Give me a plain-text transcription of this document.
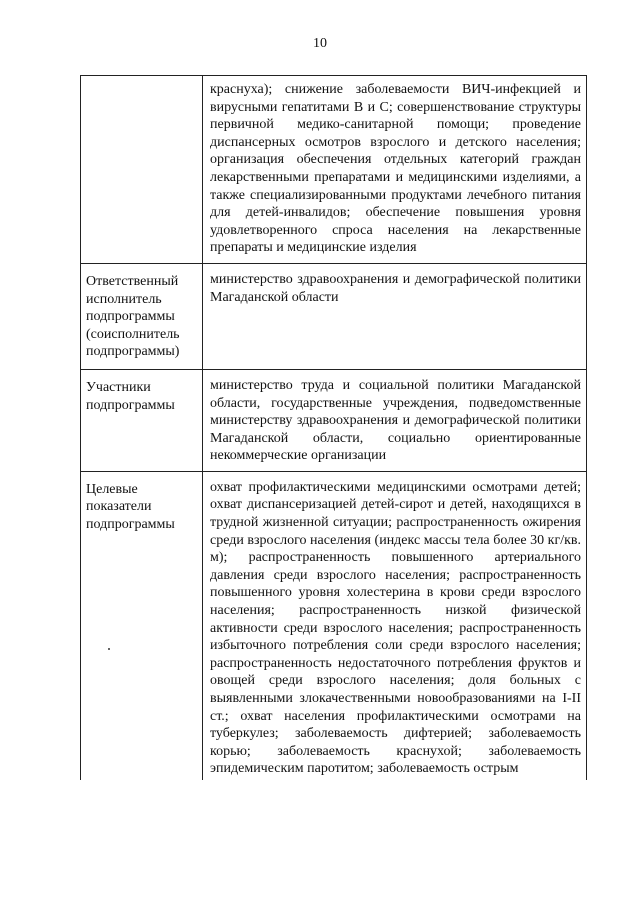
10
	краснуха); снижение заболеваемости ВИЧ-инфекцией и вирусными гепатитами B и C; совершенствование структуры первичной медико-санитарной помощи; проведение диспансерных осмотров взрослого и детского населения; организация обеспечения отдельных категорий граждан лекарственными препаратами и медицинскими изделиями, а также специализированными продуктами лечебного питания для детей-инвалидов; обеспечение повышения уровня удовлетворенного спроса населения на лекарственные препараты и медицинские изделия
Ответственный исполнитель подпрограммы (соисполнитель подпрограммы)	министерство здравоохранения и демографической политики Магаданской области
Участники подпрограммы	министерство труда и социальной политики Магаданской области, государственные учреждения, подведомственные министерству здравоохранения и демографической политики Магаданской области, социально ориентированные некоммерческие организации
Целевые показатели подпрограммы	охват профилактическими медицинскими осмотрами детей; охват диспансеризацией детей-сирот и детей, находящихся в трудной жизненной ситуации; распространенность ожирения среди взрослого населения (индекс массы тела более 30 кг/кв. м); распространенность повышенного артериального давления среди взрослого населения; распространенность повышенного уровня холестерина в крови среди взрослого населения; распространенность низкой физической активности среди взрослого населения; распространенность избыточного потребления соли среди взрослого населения; распространенность недостаточного потребления фруктов и овощей среди взрослого населения; доля больных с выявленными злокачественными новообразованиями на I-II ст.; охват населения профилактическими осмотрами на туберкулез; заболеваемость дифтерией; заболеваемость корью; заболеваемость краснухой; заболеваемость эпидемическим паротитом; заболеваемость острым
